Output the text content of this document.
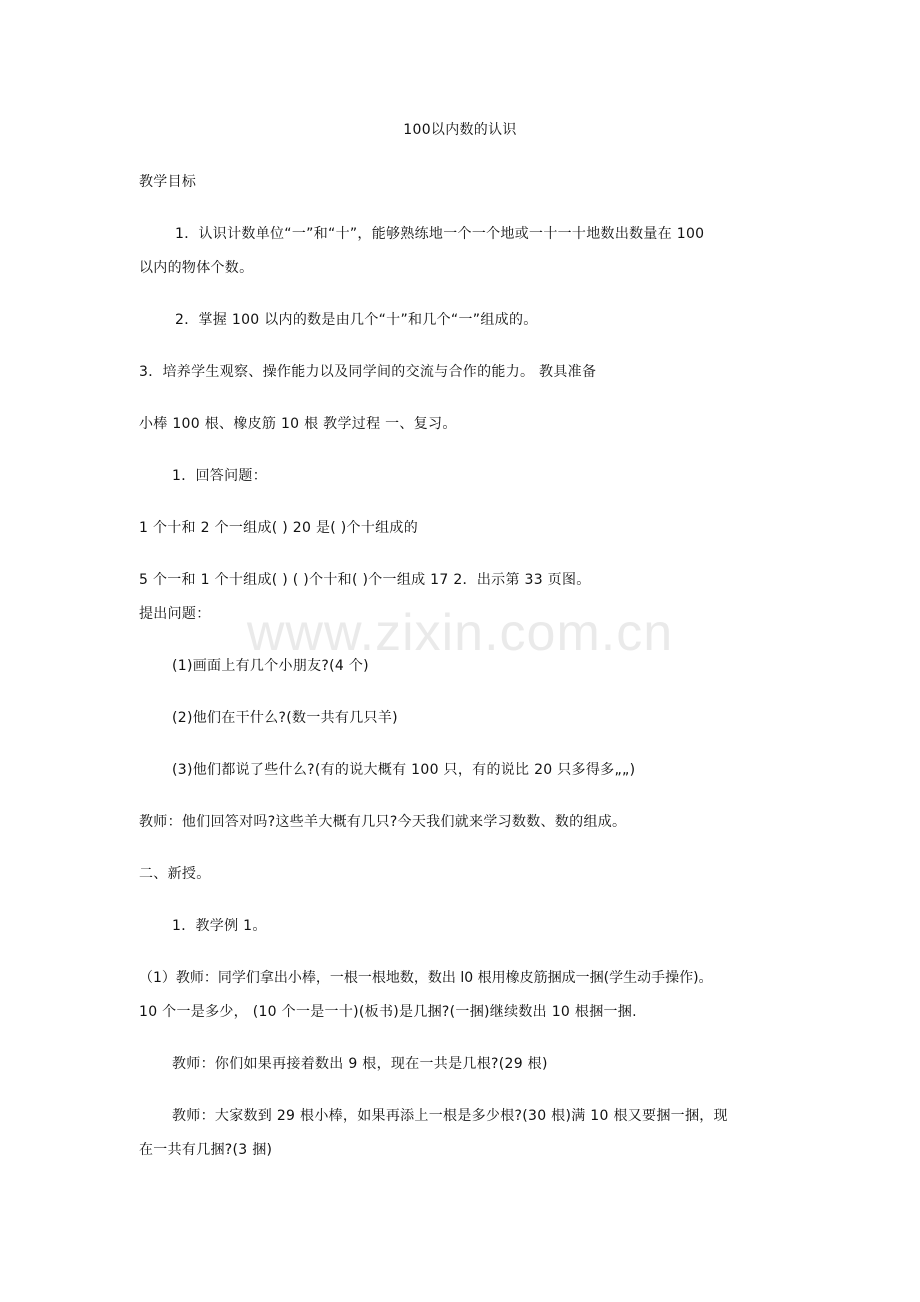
100以内数的认识
教学目标
1．认识计数单位“一”和“十”，能够熟练地一个一个地或一十一十地数出数量在 100
以内的物体个数。
2．掌握 100 以内的数是由几个“十”和几个“一”组成的。
3．培养学生观察、操作能力以及同学间的交流与合作的能力。 教具准备
小棒 100 根、橡皮筋 10 根 教学过程 一、复习。
1．回答问题：
1 个十和 2 个一组成( ) 20 是( )个十组成的
5 个一和 1 个十组成( ) ( )个十和( )个一组成 17 2．出示第 33 页图。
提出问题：
(1)画面上有几个小朋友?(4 个)
(2)他们在干什么?(数一共有几只羊)
(3)他们都说了些什么?(有的说大概有 100 只，有的说比 20 只多得多„„)
教师：他们回答对吗?这些羊大概有几只?今天我们就来学习数数、数的组成。
二、新授。
1．教学例 1。
（1）教师：同学们拿出小棒，一根一根地数，数出 l0 根用橡皮筋捆成一捆(学生动手操作)。
10 个一是多少， (10 个一是一十)(板书)是几捆?(一捆)继续数出 10 根捆一捆.
教师：你们如果再接着数出 9 根，现在一共是几根?(29 根)
教师：大家数到 29 根小棒，如果再添上一根是多少根?(30 根)满 10 根又要捆一捆，现
在一共有几捆?(3 捆)
www.zixin.com.cn
